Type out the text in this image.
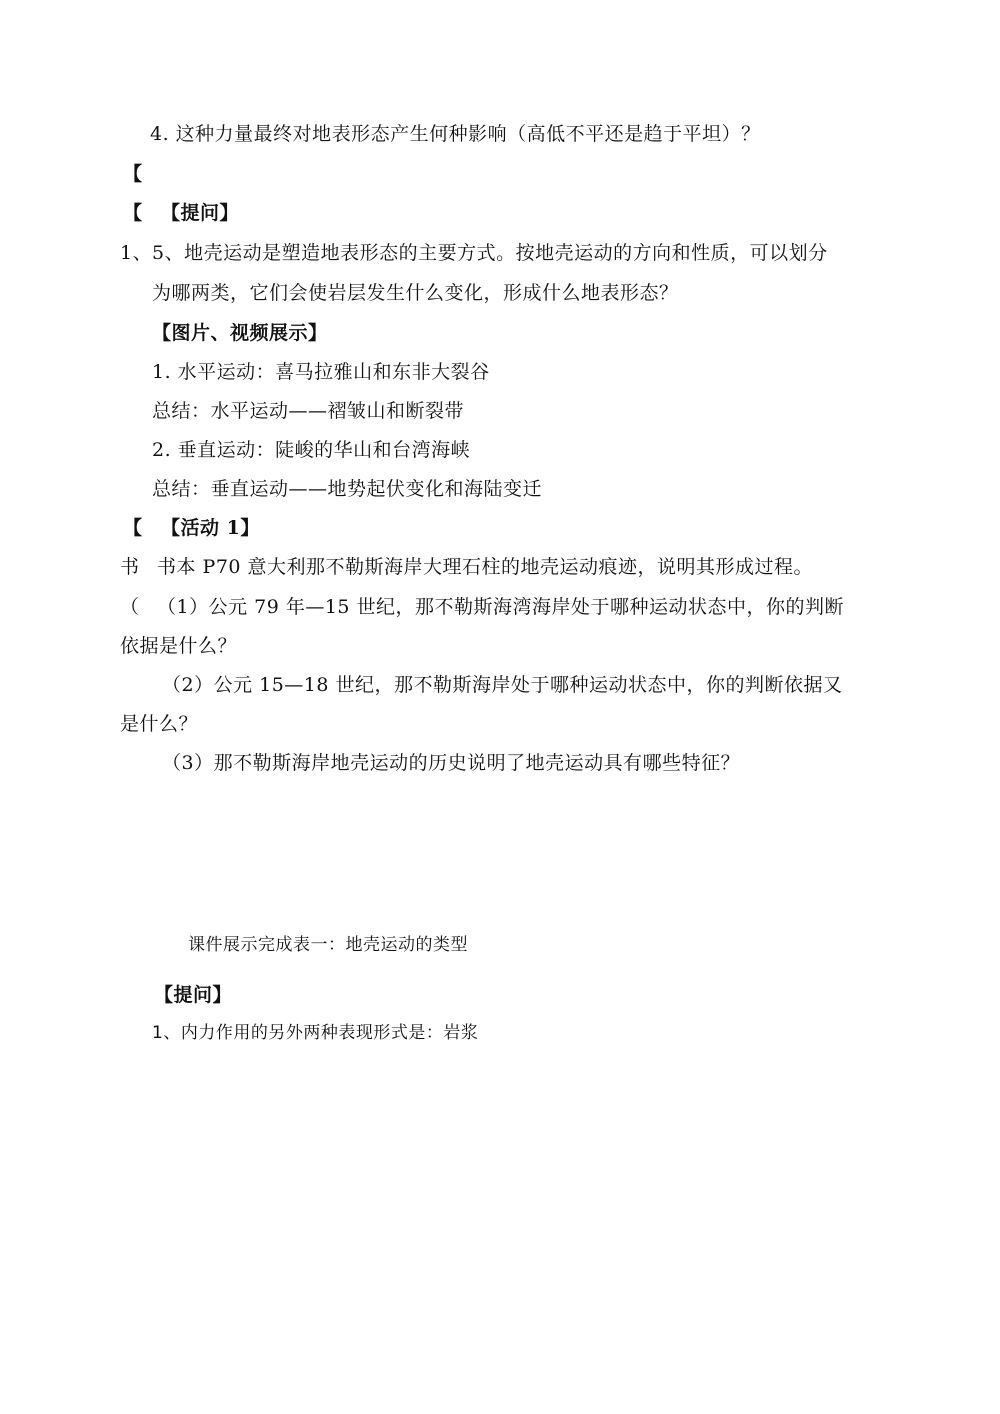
4. 这种力量最终对地表形态产生何种影响（高低不平还是趋于平坦）？
【
【 【提问】
1、 5、地壳运动是塑造地表形态的主要方式。按地壳运动的方向和性质，可以划分
为哪两类，它们会使岩层发生什么变化，形成什么地表形态？
【图片、视频展示】
1. 水平运动：喜马拉雅山和东非大裂谷
总结：水平运动——褶皱山和断裂带
2. 垂直运动：陡峻的华山和台湾海峡
总结：垂直运动——地势起伏变化和海陆变迁
【 【活动 1】
书 书本 P70 意大利那不勒斯海岸大理石柱的地壳运动痕迹，说明其形成过程。
（ （1）公元 79 年—15 世纪，那不勒斯海湾海岸处于哪种运动状态中，你的判断
依据是什么？
（2）公元 15—18 世纪，那不勒斯海岸处于哪种运动状态中，你的判断依据又
是什么？
（3）那不勒斯海岸地壳运动的历史说明了地壳运动具有哪些特征？
课件展示完成表一：地壳运动的类型
【提问】
1、内力作用的另外两种表现形式是：岩浆
